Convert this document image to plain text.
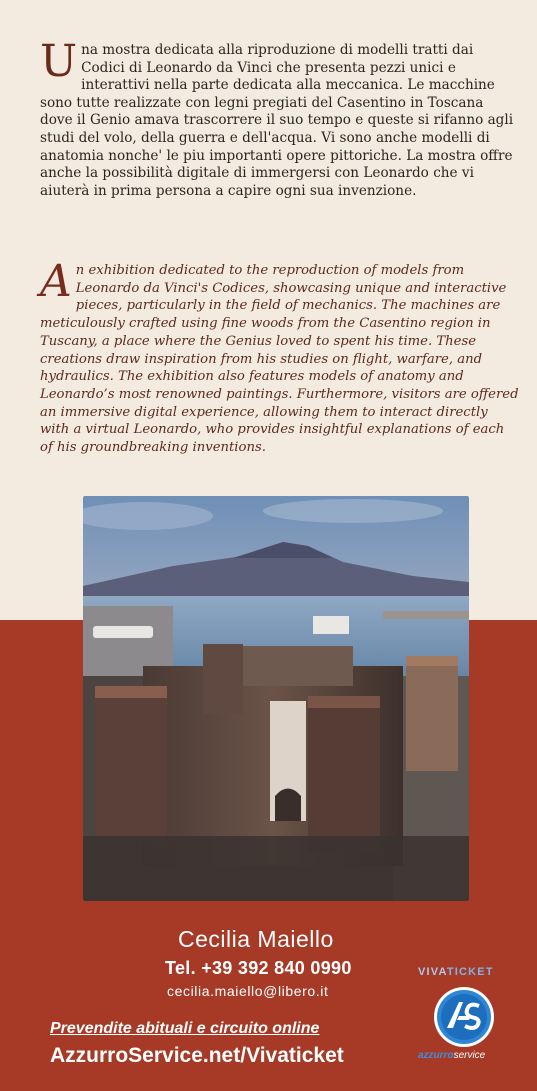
Una mostra dedicata alla riproduzione di modelli tratti dai Codici di Leonardo da Vinci che presenta pezzi unici e interattivi nella parte dedicata alla meccanica. Le macchine sono tutte realizzate con legni pregiati del Casentino in Toscana dove il Genio amava trascorrere il suo tempo e queste si rifanno agli studi del volo, della guerra e dell'acqua. Vi sono anche modelli di anatomia nonche' le piu importanti opere pittoriche. La mostra offre anche la possibilità digitale di immergersi con Leonardo che vi aiuterà in prima persona a capire ogni sua invenzione.

An exhibition dedicated to the reproduction of models from Leonardo da Vinci's Codices, showcasing unique and interactive pieces, particularly in the field of mechanics. The machines are meticulously crafted using fine woods from the Casentino region in Tuscany, a place where the Genius loved to spent his time. These creations draw inspiration from his studies on flight, warfare, and hydraulics. The exhibition also features models of anatomy and Leonardo’s most renowned paintings. Furthermore, visitors are offered an immersive digital experience, allowing them to interact directly with a virtual Leonardo, who provides insightful explanations of each of his groundbreaking inventions.

Cecilia Maiello
Tel. +39 392 840 0990
cecilia.maiello@libero.it
Prevendite abituali e circuito online
AzzurroService.net/Vivaticket
VIVATICKET
azzurroservice
